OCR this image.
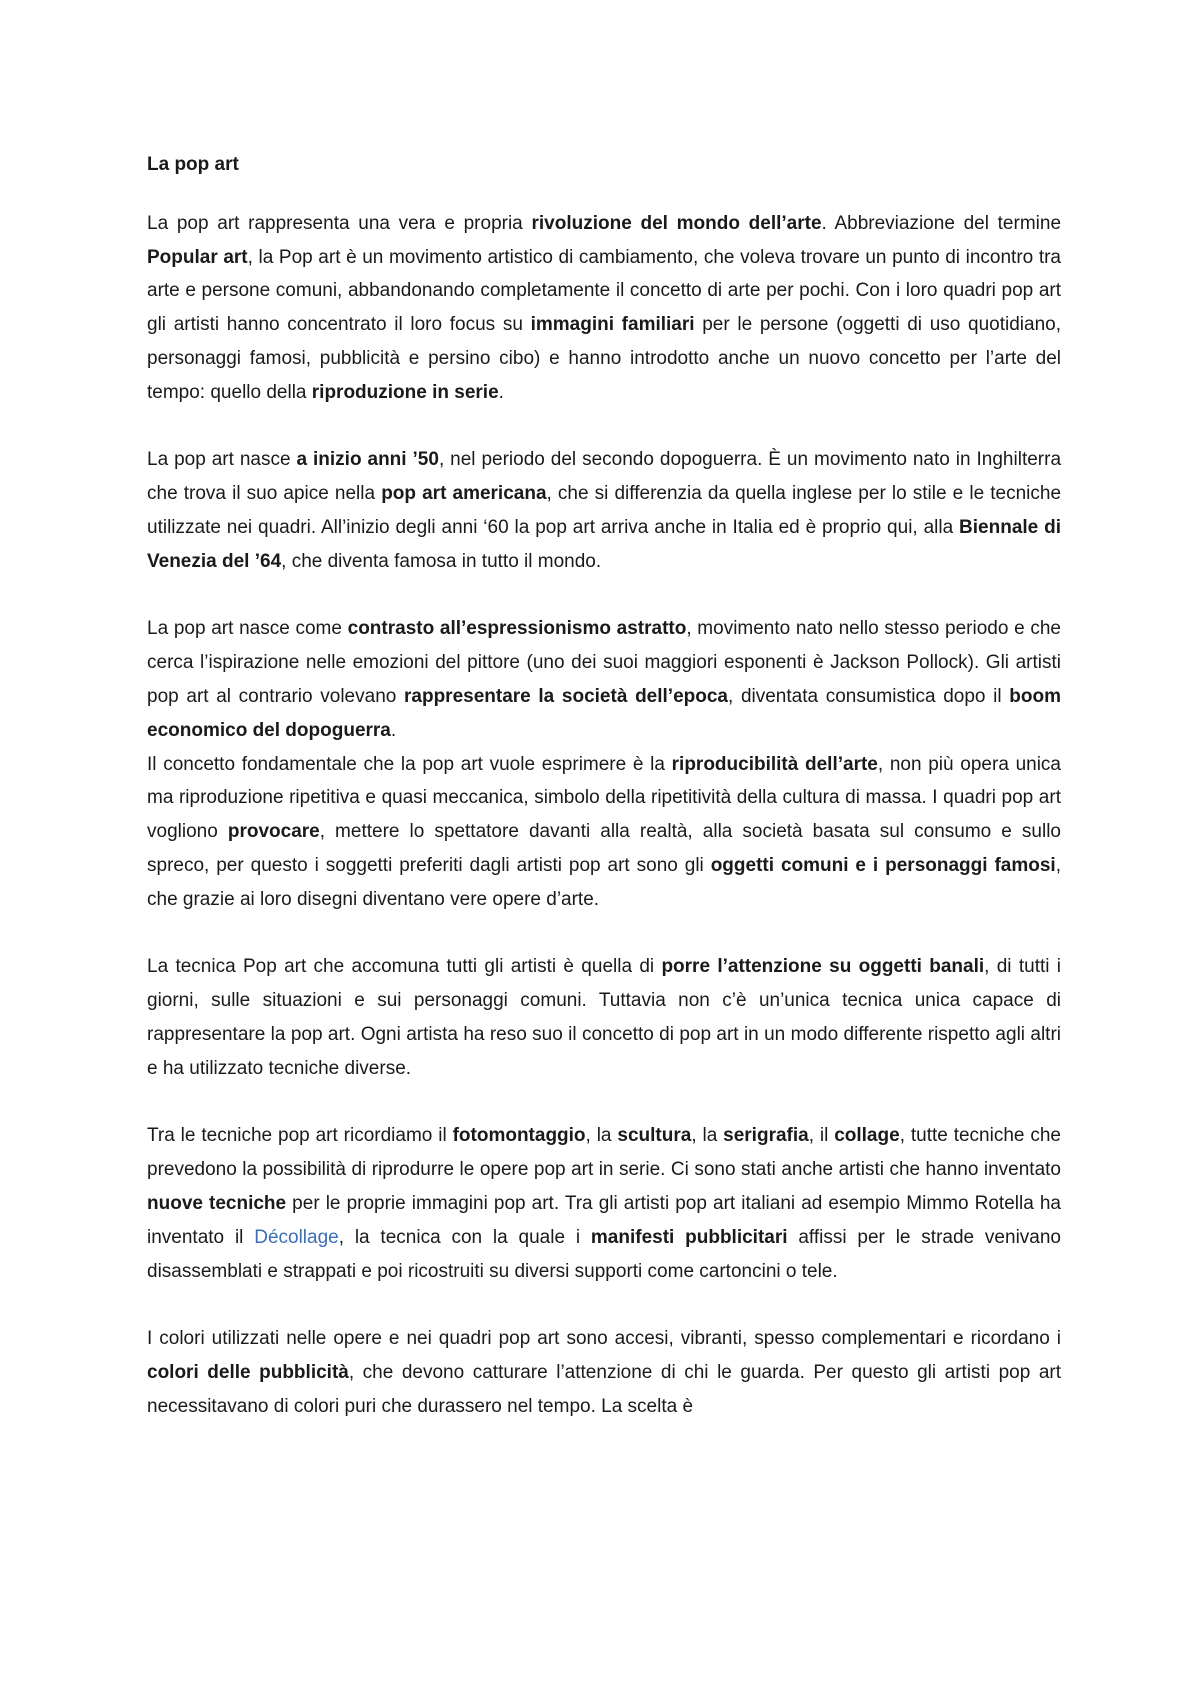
La pop art

La pop art rappresenta una vera e propria rivoluzione del mondo dell’arte. Abbreviazione del termine Popular art, la Pop art è un movimento artistico di cambiamento, che voleva trovare un punto di incontro tra arte e persone comuni, abbandonando completamente il concetto di arte per pochi. Con i loro quadri pop art gli artisti hanno concentrato il loro focus su immagini familiari per le persone (oggetti di uso quotidiano, personaggi famosi, pubblicità e persino cibo) e hanno introdotto anche un nuovo concetto per l’arte del tempo: quello della riproduzione in serie.

La pop art nasce a inizio anni ’50, nel periodo del secondo dopoguerra. È un movimento nato in Inghilterra che trova il suo apice nella pop art americana, che si differenzia da quella inglese per lo stile e le tecniche utilizzate nei quadri. All’inizio degli anni ‘60 la pop art arriva anche in Italia ed è proprio qui, alla Biennale di Venezia del ’64, che diventa famosa in tutto il mondo.

La pop art nasce come contrasto all’espressionismo astratto, movimento nato nello stesso periodo e che cerca l’ispirazione nelle emozioni del pittore (uno dei suoi maggiori esponenti è Jackson Pollock). Gli artisti pop art al contrario volevano rappresentare la società dell’epoca, diventata consumistica dopo il boom economico del dopoguerra.

Il concetto fondamentale che la pop art vuole esprimere è la riproducibilità dell’arte, non più opera unica ma riproduzione ripetitiva e quasi meccanica, simbolo della ripetitività della cultura di massa. I quadri pop art vogliono provocare, mettere lo spettatore davanti alla realtà, alla società basata sul consumo e sullo spreco, per questo i soggetti preferiti dagli artisti pop art sono gli oggetti comuni e i personaggi famosi, che grazie ai loro disegni diventano vere opere d’arte.

La tecnica Pop art che accomuna tutti gli artisti è quella di porre l’attenzione su oggetti banali, di tutti i giorni, sulle situazioni e sui personaggi comuni. Tuttavia non c’è un’unica tecnica unica capace di rappresentare la pop art. Ogni artista ha reso suo il concetto di pop art in un modo differente rispetto agli altri e ha utilizzato tecniche diverse.

Tra le tecniche pop art ricordiamo il fotomontaggio, la scultura, la serigrafia, il collage, tutte tecniche che prevedono la possibilità di riprodurre le opere pop art in serie. Ci sono stati anche artisti che hanno inventato nuove tecniche per le proprie immagini pop art. Tra gli artisti pop art italiani ad esempio Mimmo Rotella ha inventato il Décollage, la tecnica con la quale i manifesti pubblicitari affissi per le strade venivano disassemblati e strappati e poi ricostruiti su diversi supporti come cartoncini o tele.

I colori utilizzati nelle opere e nei quadri pop art sono accesi, vibranti, spesso complementari e ricordano i colori delle pubblicità, che devono catturare l’attenzione di chi le guarda. Per questo gli artisti pop art necessitavano di colori puri che durassero nel tempo. La scelta è
